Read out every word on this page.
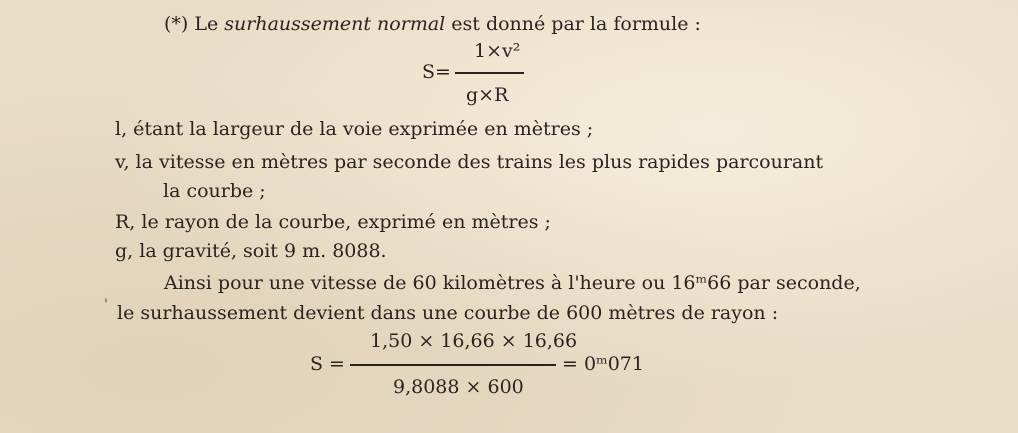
(*) Le surhaussement normal est donné par la formule :
1×v²
S=
g×R
l, étant la largeur de la voie exprimée en mètres ;
v, la vitesse en mètres par seconde des trains les plus rapides parcourant
la courbe ;
R, le rayon de la courbe, exprimé en mètres ;
g, la gravité, soit 9 m. 8088.
Ainsi pour une vitesse de 60 kilomètres à l'heure ou 16ᵐ66 par seconde,
' le surhaussement devient dans une courbe de 600 mètres de rayon :
1,50 × 16,66 × 16,66
S =	= 0ᵐ071
9,8088 × 600
